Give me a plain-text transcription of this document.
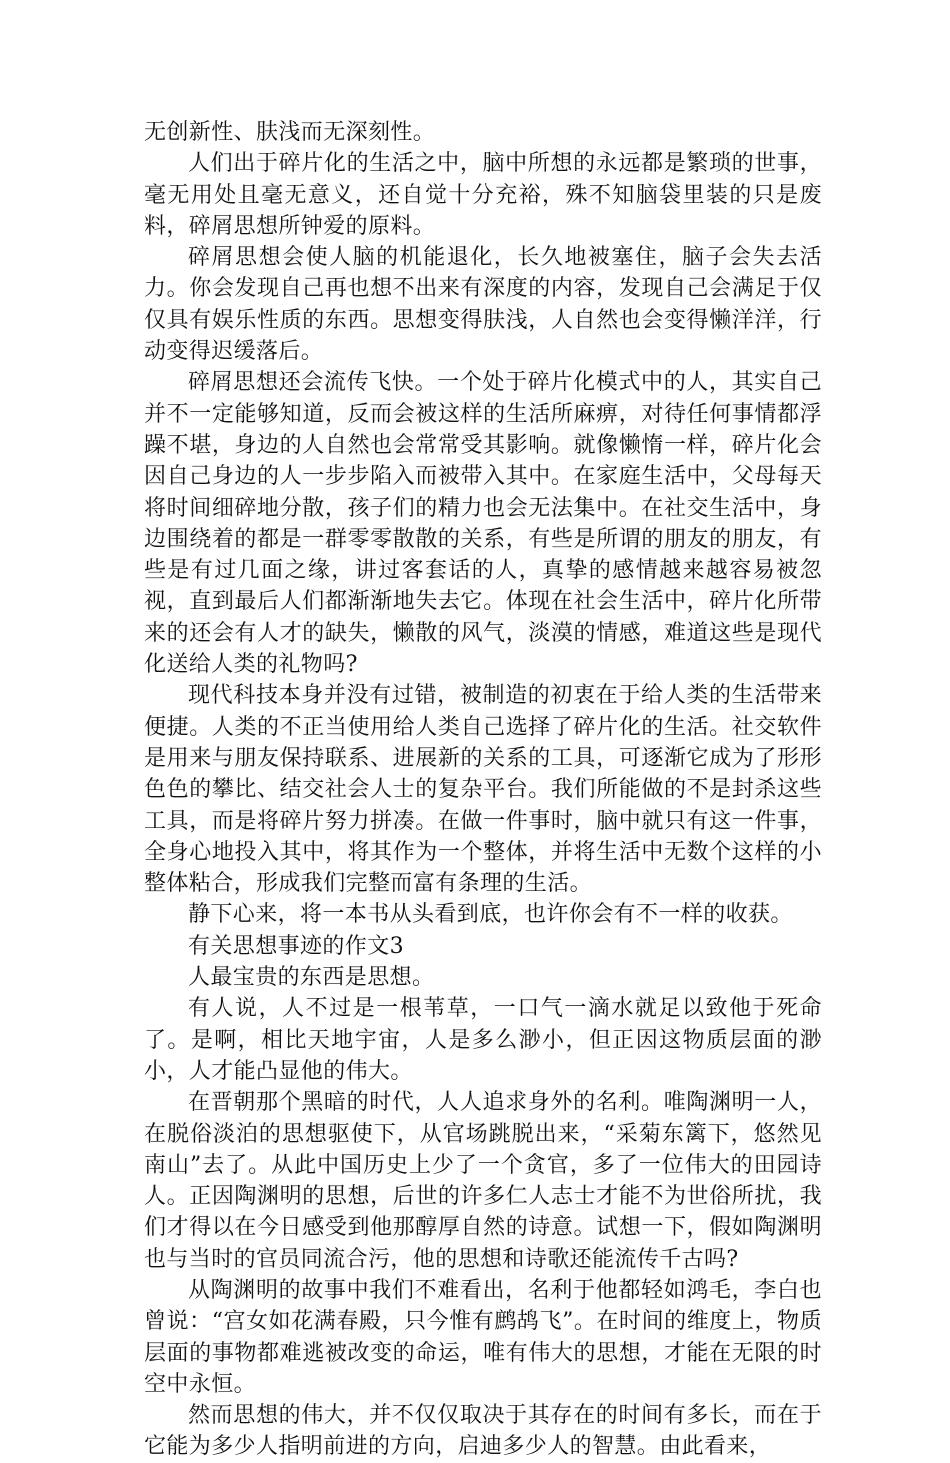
无创新性、肤浅而无深刻性。

人们出于碎片化的生活之中，脑中所想的永远都是繁琐的世事，毫无用处且毫无意义，还自觉十分充裕，殊不知脑袋里装的只是废料，碎屑思想所钟爱的原料。

碎屑思想会使人脑的机能退化，长久地被塞住，脑子会失去活力。你会发现自己再也想不出来有深度的内容，发现自己会满足于仅仅具有娱乐性质的东西。思想变得肤浅，人自然也会变得懒洋洋，行动变得迟缓落后。

碎屑思想还会流传飞快。一个处于碎片化模式中的人，其实自己并不一定能够知道，反而会被这样的生活所麻痹，对待任何事情都浮躁不堪，身边的人自然也会常常受其影响。就像懒惰一样，碎片化会因自己身边的人一步步陷入而被带入其中。在家庭生活中，父母每天将时间细碎地分散，孩子们的精力也会无法集中。在社交生活中，身边围绕着的都是一群零零散散的关系，有些是所谓的朋友的朋友，有些是有过几面之缘，讲过客套话的人，真挚的感情越来越容易被忽视，直到最后人们都渐渐地失去它。体现在社会生活中，碎片化所带来的还会有人才的缺失，懒散的风气，淡漠的情感，难道这些是现代化送给人类的礼物吗?

现代科技本身并没有过错，被制造的初衷在于给人类的生活带来便捷。人类的不正当使用给人类自己选择了碎片化的生活。社交软件是用来与朋友保持联系、进展新的关系的工具，可逐渐它成为了形形色色的攀比、结交社会人士的复杂平台。我们所能做的不是封杀这些工具，而是将碎片努力拼凑。在做一件事时，脑中就只有这一件事，全身心地投入其中，将其作为一个整体，并将生活中无数个这样的小整体粘合，形成我们完整而富有条理的生活。

静下心来，将一本书从头看到底，也许你会有不一样的收获。

有关思想事迹的作文3

人最宝贵的东西是思想。

有人说，人不过是一根苇草，一口气一滴水就足以致他于死命了。是啊，相比天地宇宙，人是多么渺小，但正因这物质层面的渺小，人才能凸显他的伟大。

在晋朝那个黑暗的时代，人人追求身外的名利。唯陶渊明一人，在脱俗淡泊的思想驱使下，从官场跳脱出来，“采菊东篱下，悠然见南山”去了。从此中国历史上少了一个贪官，多了一位伟大的田园诗人。正因陶渊明的思想，后世的许多仁人志士才能不为世俗所扰，我们才得以在今日感受到他那醇厚自然的诗意。试想一下，假如陶渊明也与当时的官员同流合污，他的思想和诗歌还能流传千古吗?

从陶渊明的故事中我们不难看出，名利于他都轻如鸿毛，李白也曾说：“宫女如花满春殿，只今惟有鹧鸪飞”。在时间的维度上，物质层面的事物都难逃被改变的命运，唯有伟大的思想，才能在无限的时空中永恒。

然而思想的伟大，并不仅仅取决于其存在的时间有多长，而在于它能为多少人指明前进的方向，启迪多少人的智慧。由此看来，
